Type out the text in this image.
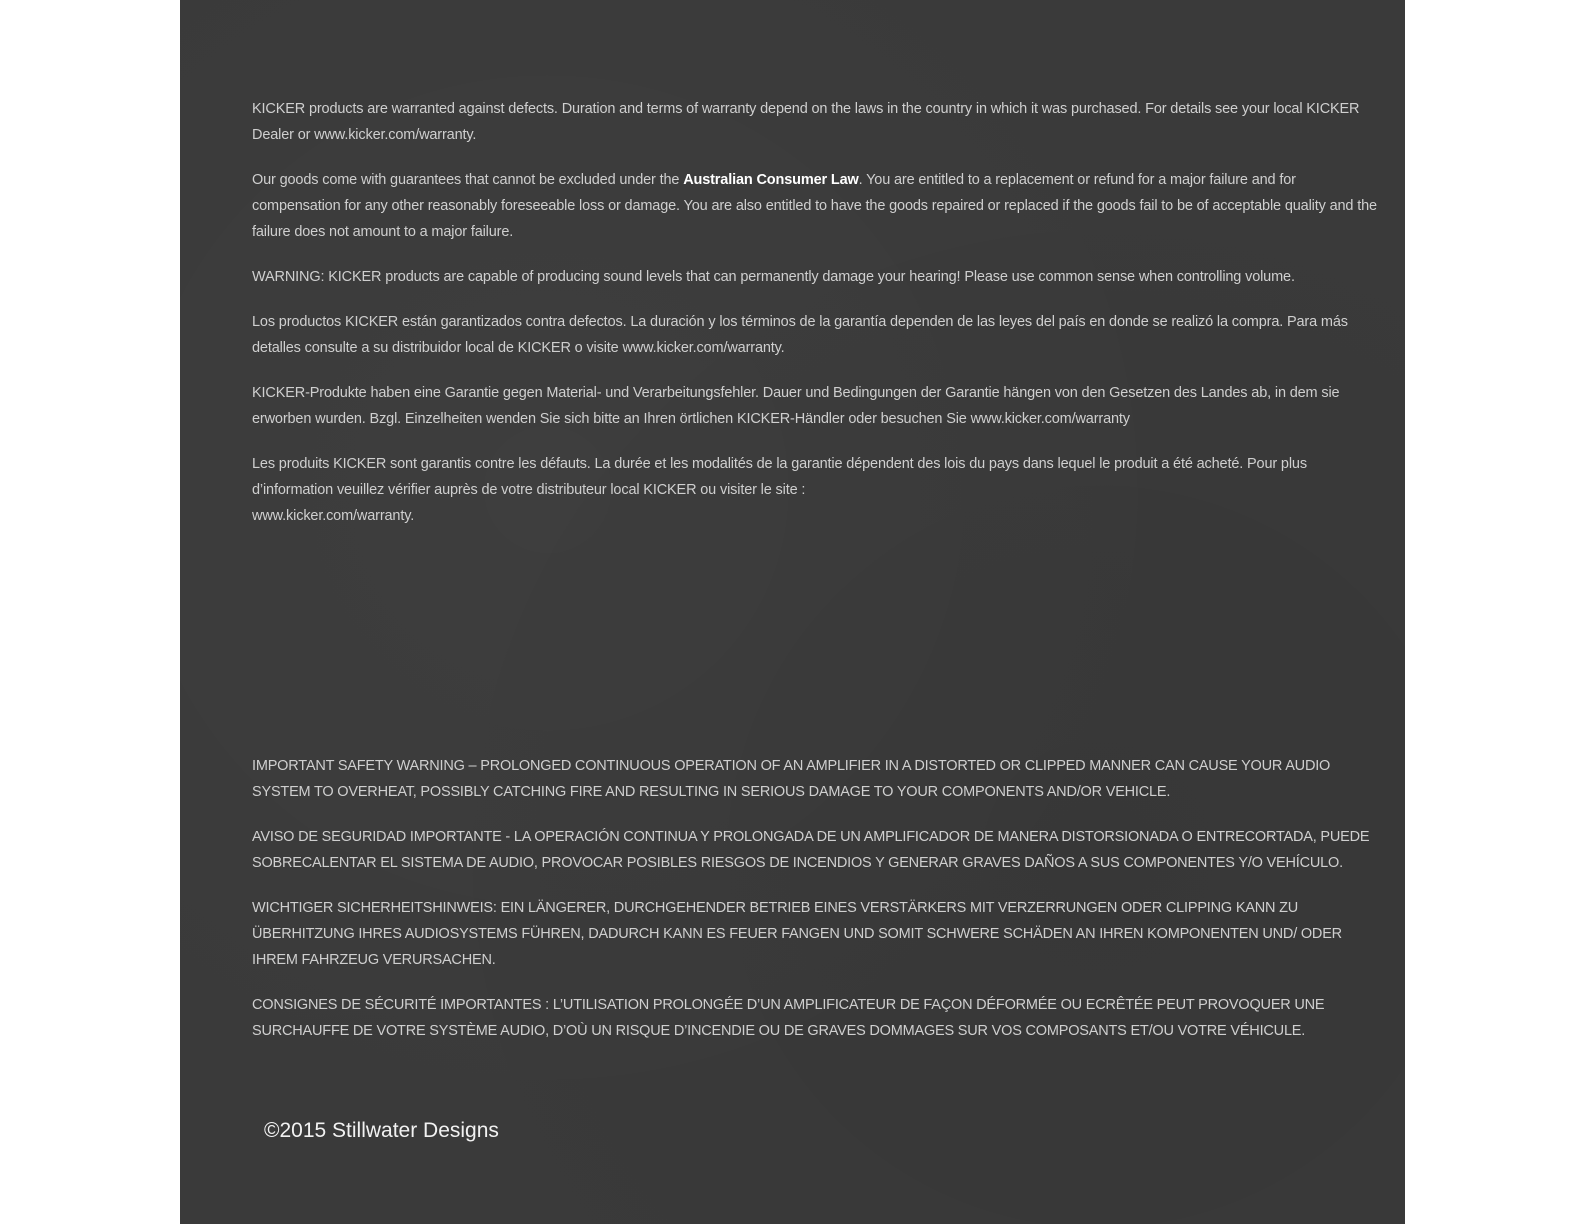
KICKER products are warranted against defects. Duration and terms of warranty depend on the laws in the country in which it was purchased. For details see your local KICKER Dealer or www.kicker.com/warranty.

Our goods come with guarantees that cannot be excluded under the Australian Consumer Law. You are entitled to a replacement or refund for a major failure and for compensation for any other reasonably foreseeable loss or damage. You are also entitled to have the goods repaired or replaced if the goods fail to be of acceptable quality and the failure does not amount to a major failure.

WARNING: KICKER products are capable of producing sound levels that can permanently damage your hearing! Please use common sense when controlling volume.

Los productos KICKER están garantizados contra defectos. La duración y los términos de la garantía dependen de las leyes del país en donde se realizó la compra. Para más detalles consulte a su distribuidor local de KICKER o visite www.kicker.com/warranty.

KICKER-Produkte haben eine Garantie gegen Material- und Verarbeitungsfehler. Dauer und Bedingungen der Garantie hängen von den Gesetzen des Landes ab, in dem sie erworben wurden. Bzgl. Einzelheiten wenden Sie sich bitte an Ihren örtlichen KICKER-Händler oder besuchen Sie www.kicker.com/warranty

Les produits KICKER sont garantis contre les défauts. La durée et les modalités de la garantie dépendent des lois du pays dans lequel le produit a été acheté. Pour plus d’information veuillez vérifier auprès de votre distributeur local KICKER ou visiter le site :
www.kicker.com/warranty.

IMPORTANT SAFETY WARNING – PROLONGED CONTINUOUS OPERATION OF AN AMPLIFIER IN A DISTORTED OR CLIPPED MANNER CAN CAUSE YOUR AUDIO SYSTEM TO OVERHEAT, POSSIBLY CATCHING FIRE AND RESULTING IN SERIOUS DAMAGE TO YOUR COMPONENTS AND/OR VEHICLE.

AVISO DE SEGURIDAD IMPORTANTE - LA OPERACIÓN CONTINUA Y PROLONGADA DE UN AMPLIFICADOR DE MANERA DISTORSIONADA O ENTRECORTADA, PUEDE SOBRECALENTAR EL SISTEMA DE AUDIO, PROVOCAR POSIBLES RIESGOS DE INCENDIOS Y GENERAR GRAVES DAÑOS A SUS COMPONENTES Y/O VEHÍCULO.

WICHTIGER SICHERHEITSHINWEIS: EIN LÄNGERER, DURCHGEHENDER BETRIEB EINES VERSTÄRKERS MIT VERZERRUNGEN ODER CLIPPING KANN ZU ÜBERHITZUNG IHRES AUDIOSYSTEMS FÜHREN, DADURCH KANN ES FEUER FANGEN UND SOMIT SCHWERE SCHÄDEN AN IHREN KOMPONENTEN UND/ ODER IHREM FAHRZEUG VERURSACHEN.

CONSIGNES DE SÉCURITÉ IMPORTANTES : L’UTILISATION PROLONGÉE D’UN AMPLIFICATEUR DE FAÇON DÉFORMÉE OU ECRÊTÉE PEUT PROVOQUER UNE SURCHAUFFE DE VOTRE SYSTÈME AUDIO, D’OÙ UN RISQUE D’INCENDIE OU DE GRAVES DOMMAGES SUR VOS COMPOSANTS ET/OU VOTRE VÉHICULE.

©2015 Stillwater Designs
